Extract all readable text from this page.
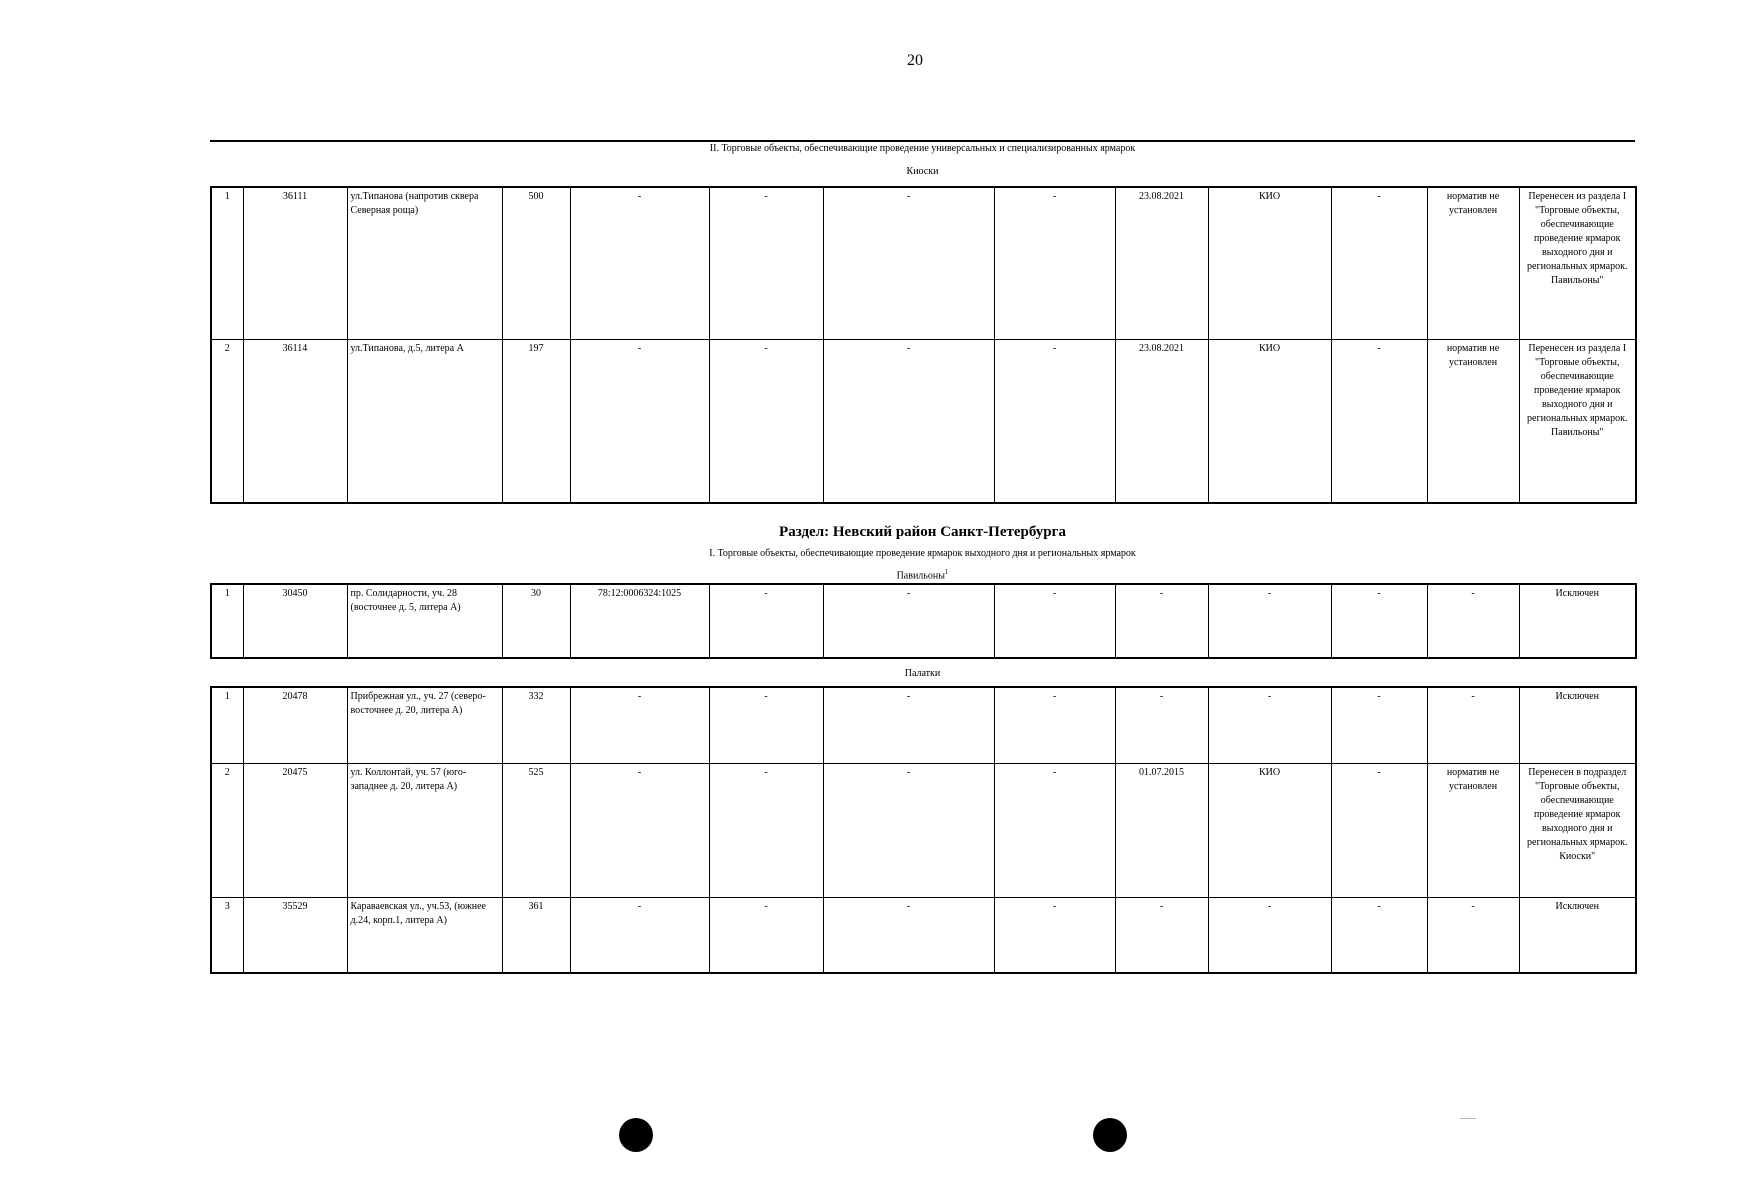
20
II. Торговые объекты, обеспечивающие проведение универсальных и специализированных ярмарок
Киоски
1	36111	ул.Типанова (напротив сквера Северная роща)	500	-	-	-	-	23.08.2021	КИО	-	норматив не установлен	Перенесен из раздела I "Торговые объекты, обеспечивающие проведение ярмарок выходного дня и региональных ярмарок. Павильоны"
2	36114	ул.Типанова, д.5, литера А	197	-	-	-	-	23.08.2021	КИО	-	норматив не установлен	Перенесен из раздела I "Торговые объекты, обеспечивающие проведение ярмарок выходного дня и региональных ярмарок. Павильоны"
Раздел: Невский район Санкт-Петербурга
I. Торговые объекты, обеспечивающие проведение ярмарок выходного дня и региональных ярмарок
Павильоны$^1$
1	30450	пр. Солидарности, уч. 28 (восточнее д. 5, литера А)	30	78:12:0006324:1025	-	-	-	-	-	-	-	Исключен
Палатки
1	20478	Прибрежная ул., уч. 27 (северо-восточнее д. 20, литера А)	332	-	-	-	-	-	-	-	-	Исключен
2	20475	ул. Коллонтай, уч. 57 (юго-западнее д. 20, литера А)	525	-	-	-	-	01.07.2015	КИО	-	норматив не установлен	Перенесен в подраздел "Торговые объекты, обеспечивающие проведение ярмарок выходного дня и региональных ярмарок. Киоски"
3	35529	Караваевская ул., уч.53, (южнее д.24, корп.1, литера А)	361	-	-	-	-	-	-	-	-	Исключен
